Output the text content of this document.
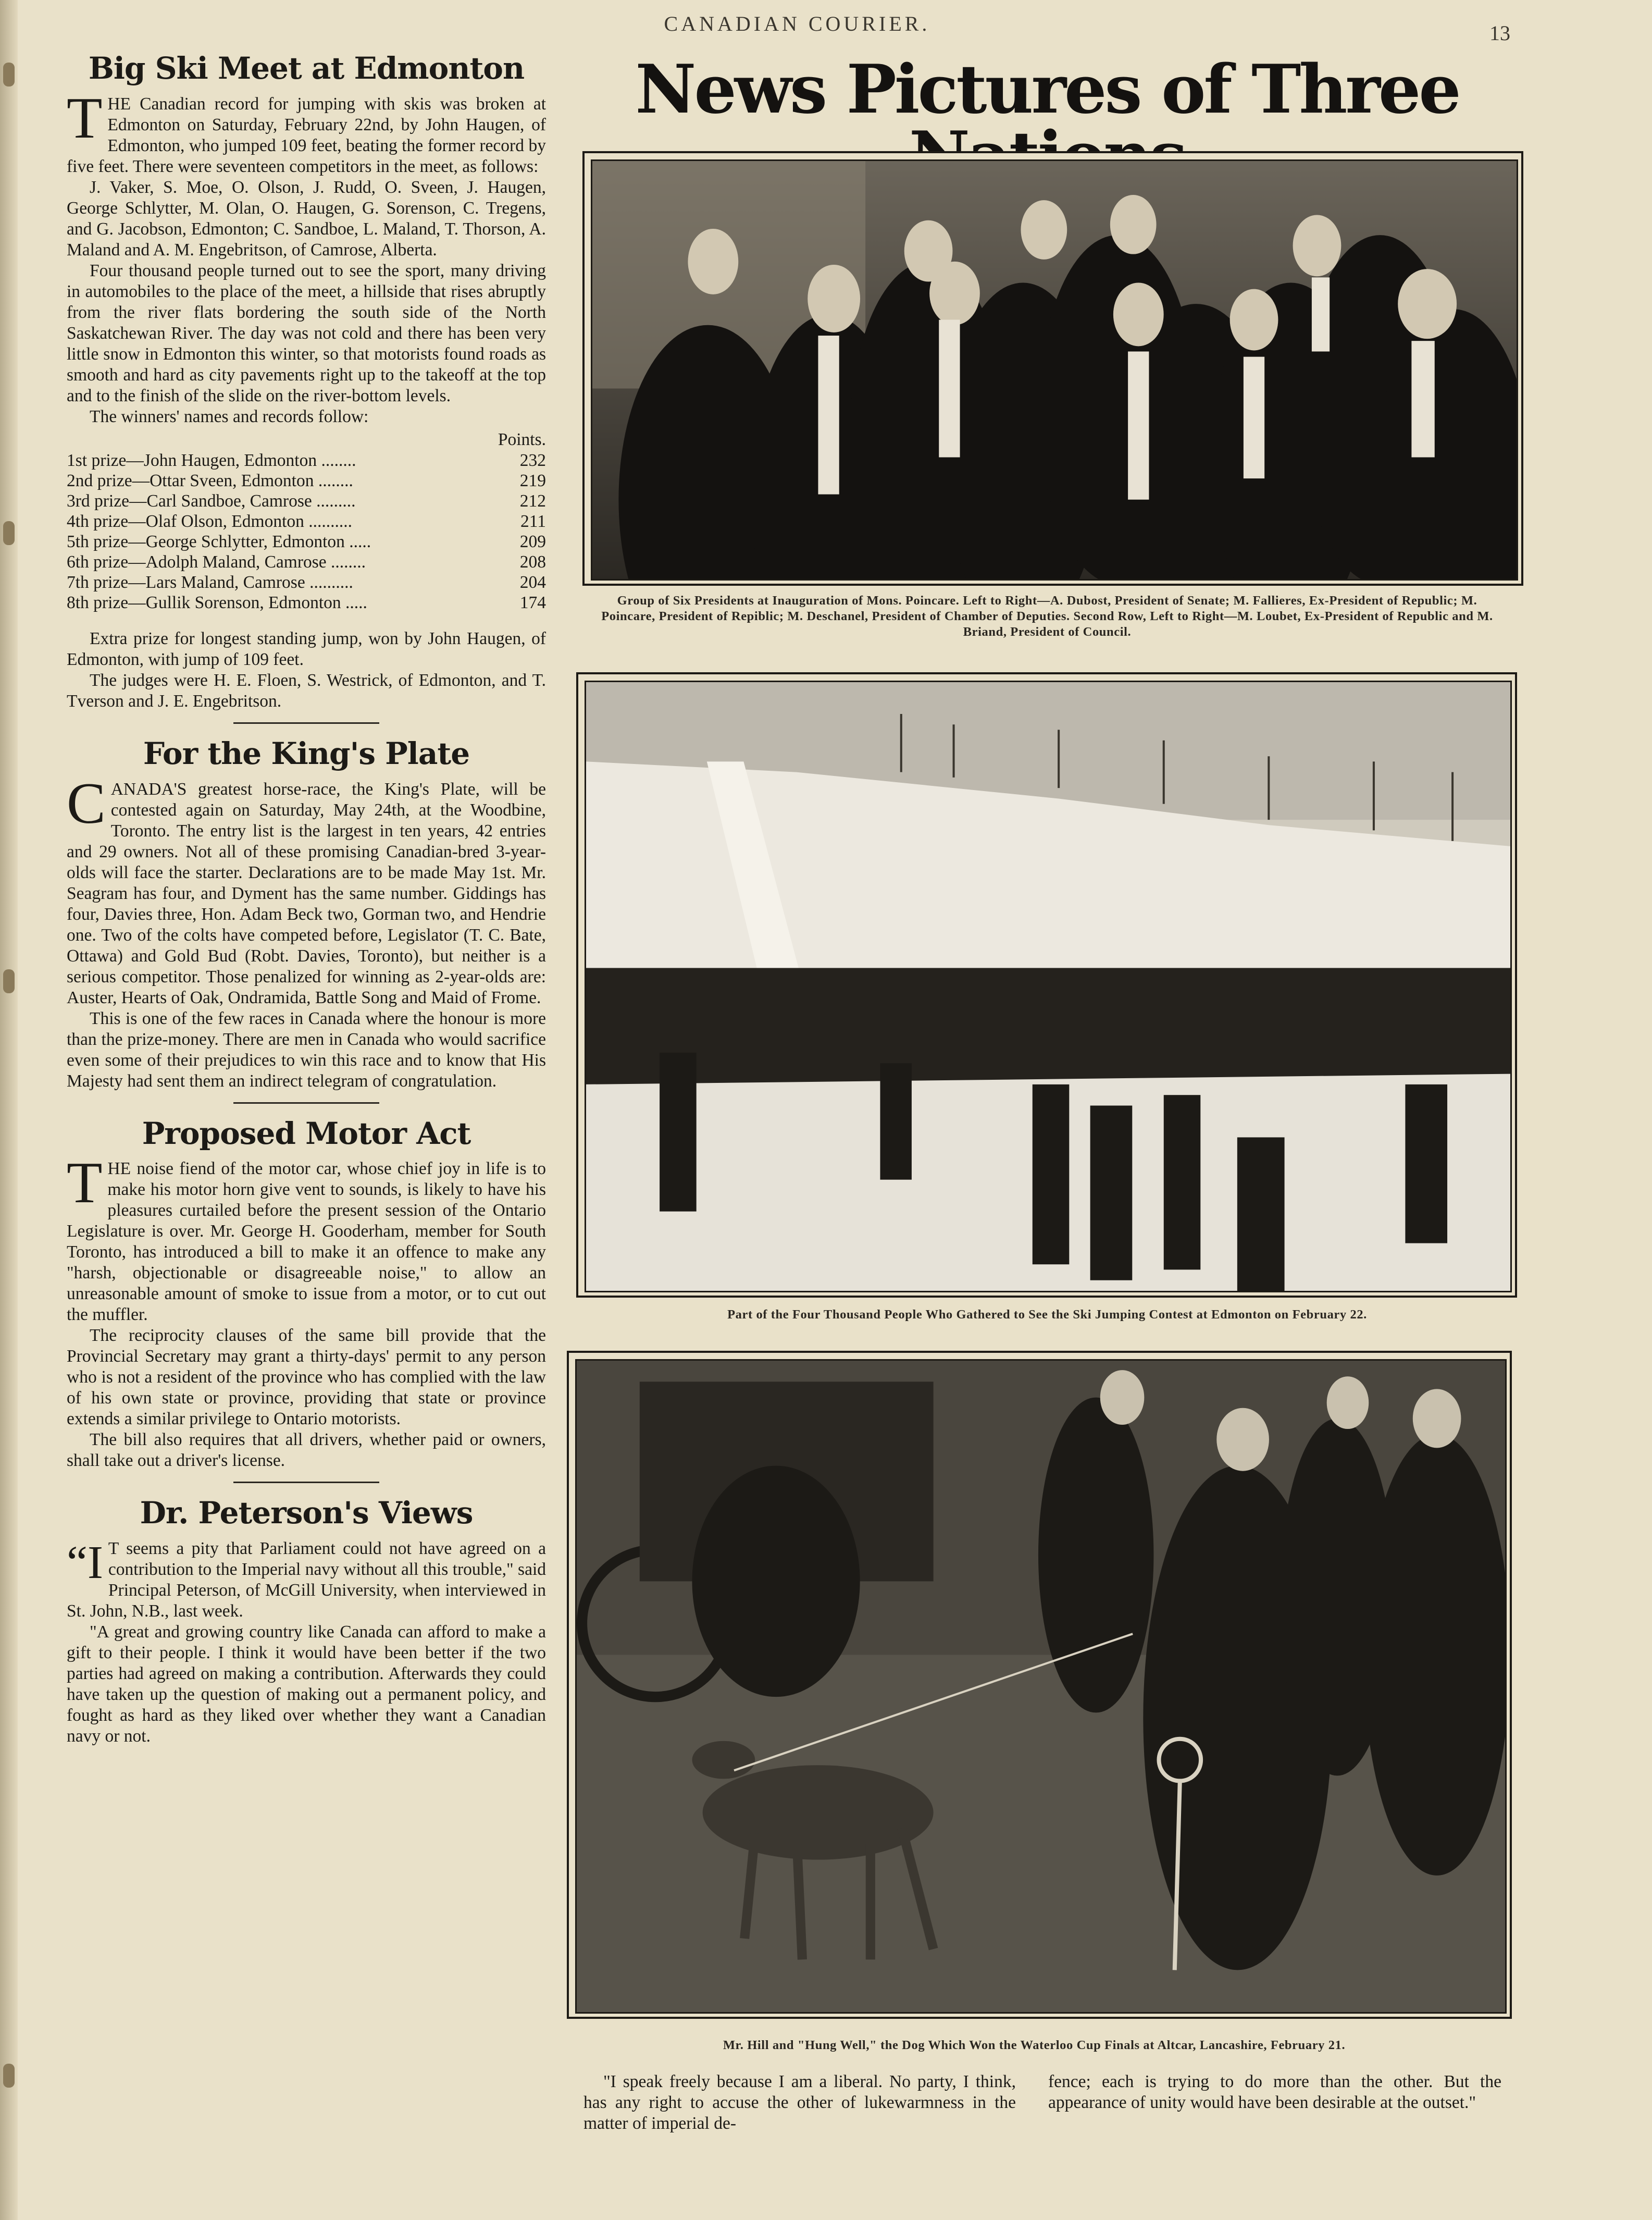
CANADIAN COURIER.	13
News Pictures of Three
Big Ski Meet at Edmonton

THE Canadian record for jumping with skis was broken at Edmonton on Saturday, February 22nd, by John Haugen, of Edmonton, who jumped 109 feet, beating the former record by five feet. There were seventeen competitors in the meet, as follows:

J. Vaker, S. Moe, O. Olson, J. Rudd, O. Sveen, J. Haugen, George Schlytter, M. Olan, O. Haugen, G. Sorenson, C. Tregens, and G. Jacobson, Edmonton; C. Sandboe, L. Maland, T. Thorson, A. Maland and A. M. Engebritson, of Camrose, Alberta.

Four thousand people turned out to see the sport, many driving in automobiles to the place of the meet, a hillside that rises abruptly from the river flats bordering the south side of the North Saskatchewan River. The day was not cold and there has been very little snow in Edmonton this winter, so that motorists found roads as smooth and hard as city pavements right up to the takeoff at the top and to the finish of the slide on the river-bottom levels.

The winners' names and records follow:

	Points.
1st prize—John Haugen, Edmonton ........	232
2nd prize—Ottar Sveen, Edmonton ........	219
3rd prize—Carl Sandboe, Camrose .........	212
4th prize—Olaf Olson, Edmonton ..........	211
5th prize—George Schlytter, Edmonton .....	209
6th prize—Adolph Maland, Camrose ........	208
7th prize—Lars Maland, Camrose ..........	204
8th prize—Gullik Sorenson, Edmonton .....	174

Extra prize for longest standing jump, won by John Haugen, of Edmonton, with jump of 109 feet.

The judges were H. E. Floen, S. Westrick, of Edmonton, and T. Tverson and J. E. Engebritson.

For the King's Plate

CANADA'S greatest horse-race, the King's Plate, will be contested again on Saturday, May 24th, at the Woodbine, Toronto. The entry list is the largest in ten years, 42 entries and 29 owners. Not all of these promising Canadian-bred 3-year-olds will face the starter. Declarations are to be made May 1st. Mr. Seagram has four, and Dyment has the same number. Giddings has four, Davies three, Hon. Adam Beck two, Gorman two, and Hendrie one. Two of the colts have competed before, Legislator (T. C. Bate, Ottawa) and Gold Bud (Robt. Davies, Toronto), but neither is a serious competitor. Those penalized for winning as 2-year-olds are: Auster, Hearts of Oak, Ondramida, Battle Song and Maid of Frome.

This is one of the few races in Canada where the honour is more than the prize-money. There are men in Canada who would sacrifice even some of their prejudices to win this race and to know that His Majesty had sent them an indirect telegram of congratulation.

Proposed Motor Act

THE noise fiend of the motor car, whose chief joy in life is to make his motor horn give vent to sounds, is likely to have his pleasures curtailed before the present session of the Ontario Legislature is over. Mr. George H. Gooderham, member for South Toronto, has introduced a bill to make it an offence to make any "harsh, objectionable or disagreeable noise," to allow an unreasonable amount of smoke to issue from a motor, or to cut out the muffler.

The reciprocity clauses of the same bill provide that the Provincial Secretary may grant a thirty-days' permit to any person who is not a resident of the province who has complied with the law of his own state or province, providing that state or province extends a similar privilege to Ontario motorists.

The bill also requires that all drivers, whether paid or owners, shall take out a driver's license.

Dr. Peterson's Views

“I T seems a pity that Parliament could not have agreed on a contribution to the Imperial navy without all this trouble," said Principal Peterson, of McGill University, when interviewed in St. John, N.B., last week.

"A great and growing country like Canada can afford to make a gift to their people. I think it would have been better if the two parties had agreed on making a contribution. Afterwards they could have taken up the question of making out a permanent policy, and fought as hard as they liked over whether they want a Canadian navy or not.

Group of Six Presidents at Inauguration of Mons. Poincare. Left to Right—A. Dubost, President of Senate; M. Fallieres, Ex-President of Republic; M. Poincare, President of Repiblic; M. Deschanel, President of Chamber of Deputies. Second Row, Left to Right—M. Loubet, Ex-President of Republic and M. Briand, President of Council.
Part of the Four Thousand People Who Gathered to See the Ski Jumping Contest at Edmonton on February 22.
Mr. Hill and "Hung Well," the Dog Which Won the Waterloo Cup Finals at Altcar, Lancashire, February 21.

"I speak freely because I am a liberal. No party, I think, has any right to accuse the other of lukewarmness in the matter of imperial de-

fence; each is trying to do more than the other. But the appearance of unity would have been desirable at the outset."
